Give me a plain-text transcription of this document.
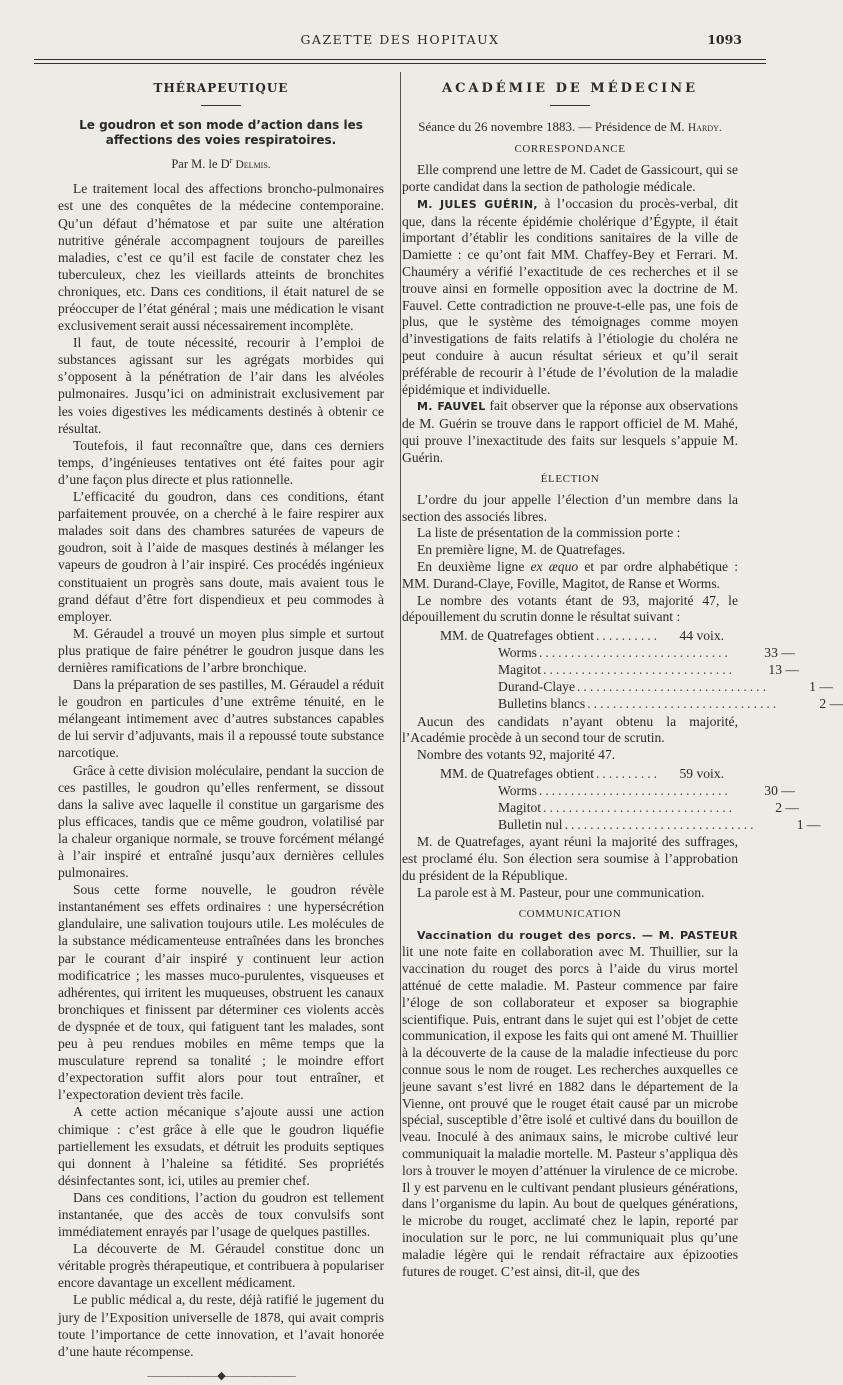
GAZETTE DES HOPITAUX	1093
THÉRAPEUTIQUE
Le goudron et son mode d’action dans les affections des voies respiratoires.
Par M. le $D^r$ Delmis.

Le traitement local des affections broncho-pulmonaires est une des conquêtes de la médecine contemporaine. Qu’un défaut d’hématose et par suite une altération nutritive générale accompagnent toujours de pareilles maladies, c’est ce qu’il est facile de constater chez les tuberculeux, chez les vieillards atteints de bronchites chroniques, etc. Dans ces conditions, il était naturel de se préoccuper de l’état général ; mais une médication le visant exclusivement serait aussi nécessairement incomplète.

Il faut, de toute nécessité, recourir à l’emploi de substances agissant sur les agrégats morbides qui s’opposent à la pénétration de l’air dans les alvéoles pulmonaires. Jusqu’ici on administrait exclusivement par les voies digestives les médicaments destinés à obtenir ce résultat.

Toutefois, il faut reconnaître que, dans ces derniers temps, d’ingénieuses tentatives ont été faites pour agir d’une façon plus directe et plus rationnelle.

L’efficacité du goudron, dans ces conditions, étant parfaitement prouvée, on a cherché à le faire respirer aux malades soit dans des chambres saturées de vapeurs de goudron, soit à l’aide de masques destinés à mélanger les vapeurs de goudron à l’air inspiré. Ces procédés ingénieux constituaient un progrès sans doute, mais avaient tous le grand défaut d’être fort dispendieux et peu commodes à employer.

M. Géraudel a trouvé un moyen plus simple et surtout plus pratique de faire pénétrer le goudron jusque dans les dernières ramifications de l’arbre bronchique.

Dans la préparation de ses pastilles, M. Géraudel a réduit le goudron en particules d’une extrême ténuité, en le mélangeant intimement avec d’autres substances capables de lui servir d’adjuvants, mais il a repoussé toute substance narcotique.

Grâce à cette division moléculaire, pendant la succion de ces pastilles, le goudron qu’elles renferment, se dissout dans la salive avec laquelle il constitue un gargarisme des plus efficaces, tandis que ce même goudron, volatilisé par la chaleur organique normale, se trouve forcément mélangé à l’air inspiré et entraîné jusqu’aux dernières cellules pulmonaires.

Sous cette forme nouvelle, le goudron révèle instantanément ses effets ordinaires : une hypersécrétion glandulaire, une salivation toujours utile. Les molécules de la substance médicamenteuse entraînées dans les bronches par le courant d’air inspiré y continuent leur action modificatrice ; les masses muco-purulentes, visqueuses et adhérentes, qui irritent les muqueuses, obstruent les canaux bronchiques et finissent par déterminer ces violents accès de dyspnée et de toux, qui fatiguent tant les malades, sont peu à peu rendues mobiles en même temps que la musculature reprend sa tonalité ; le moindre effort d’expectoration suffit alors pour tout entraîner, et l’expectoration devient très facile.

A cette action mécanique s’ajoute aussi une action chimique : c’est grâce à elle que le goudron liquéfie partiellement les exsudats, et détruit les produits septiques qui donnent à l’haleine sa fétidité. Ses propriétés désinfectantes sont, ici, utiles au premier chef.

Dans ces conditions, l’action du goudron est tellement instantanée, que des accès de toux convulsifs sont immédiatement enrayés par l’usage de quelques pastilles.

La découverte de M. Géraudel constitue donc un véritable progrès thérapeutique, et contribuera à populariser encore davantage un excellent médicament.

Le public médical a, du reste, déjà ratifié le jugement du jury de l’Exposition universelle de 1878, qui avait compris toute l’importance de cette innovation, et l’avait honorée d’une haute récompense.

———————◆———————
ACADÉMIE DE MÉDECINE
Séance du 26 novembre 1883. — Présidence de M. Hardy.
CORRESPONDANCE

Elle comprend une lettre de M. Cadet de Gassicourt, qui se porte candidat dans la section de pathologie médicale.

M. JULES GUÉRIN, à l’occasion du procès-verbal, dit que, dans la récente épidémie cholérique d’Égypte, il était important d’établir les conditions sanitaires de la ville de Damiette : ce qu’ont fait MM. Chaffey-Bey et Ferrari. M. Chauméry a vérifié l’exactitude de ces recherches et il se trouve ainsi en formelle opposition avec la doctrine de M. Fauvel. Cette contradiction ne prouve-t-elle pas, une fois de plus, que le système des témoignages comme moyen d’investigations de faits relatifs à l’étiologie du choléra ne peut conduire à aucun résultat sérieux et qu’il serait préférable de recourir à l’étude de l’évolution de la maladie épidémique et individuelle.

M. FAUVEL fait observer que la réponse aux observations de M. Guérin se trouve dans le rapport officiel de M. Mahé, qui prouve l’inexactitude des faits sur lesquels s’appuie M. Guérin.

ÉLECTION

L’ordre du jour appelle l’élection d’un membre dans la section des associés libres.

La liste de présentation de la commission porte :

En première ligne, M. de Quatrefages.

En deuxième ligne ex æquo et par ordre alphabétique : MM. Durand-Claye, Foville, Magitot, de Ranse et Worms.

Le nombre des votants étant de 93, majorité 47, le dépouillement du scrutin donne le résultat suivant :

MM. de Quatrefages obtient ..........	44 voix.
Worms ..............................	33 —
Magitot ..............................	13 —
Durand-Claye ..............................	1 —
Bulletins blancs ..............................	2 —

Aucun des candidats n’ayant obtenu la majorité, l’Académie procède à un second tour de scrutin.

Nombre des votants 92, majorité 47.

MM. de Quatrefages obtient ..........	59 voix.
Worms ..............................	30 —
Magitot ..............................	2 —
Bulletin nul ..............................	1 —

M. de Quatrefages, ayant réuni la majorité des suffrages, est proclamé élu. Son élection sera soumise à l’approbation du président de la République.

La parole est à M. Pasteur, pour une communication.

COMMUNICATION

Vaccination du rouget des porcs. — M. PASTEUR lit une note faite en collaboration avec M. Thuillier, sur la vaccination du rouget des porcs à l’aide du virus mortel atténué de cette maladie. M. Pasteur commence par faire l’éloge de son collaborateur et exposer sa biographie scientifique. Puis, entrant dans le sujet qui est l’objet de cette communication, il expose les faits qui ont amené M. Thuillier à la découverte de la cause de la maladie infectieuse du porc connue sous le nom de rouget. Les recherches auxquelles ce jeune savant s’est livré en 1882 dans le département de la Vienne, ont prouvé que le rouget était causé par un microbe spécial, susceptible d’être isolé et cultivé dans du bouillon de veau. Inoculé à des animaux sains, le microbe cultivé leur communiquait la maladie mortelle. M. Pasteur s’appliqua dès lors à trouver le moyen d’atténuer la virulence de ce microbe. Il y est parvenu en le cultivant pendant plusieurs générations, dans l’organisme du lapin. Au bout de quelques générations, le microbe du rouget, acclimaté chez le lapin, reporté par inoculation sur le porc, ne lui communiquait plus qu’une maladie légère qui le rendait réfractaire aux épizooties futures de rouget. C’est ainsi, dit-il, que des
